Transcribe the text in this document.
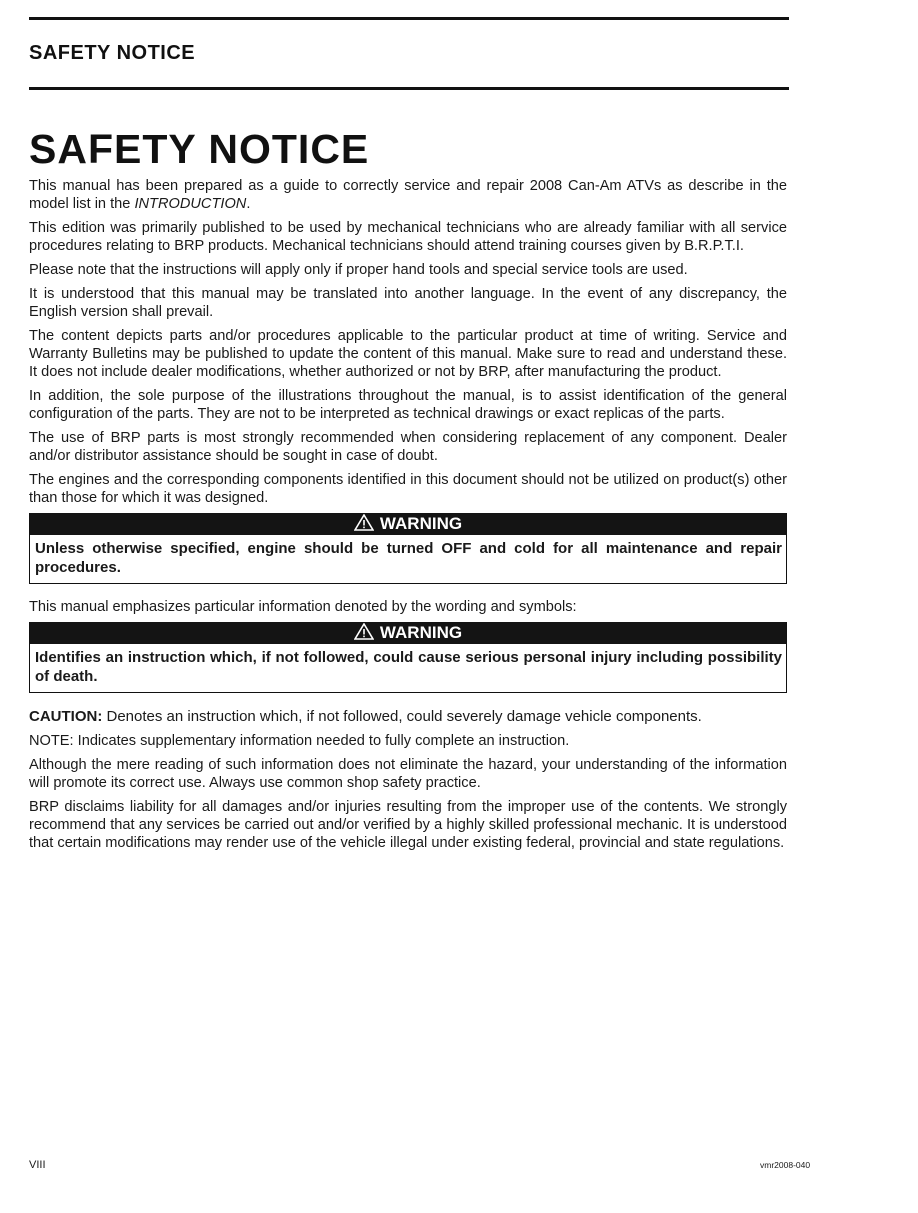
SAFETY NOTICE
SAFETY NOTICE

This manual has been prepared as a guide to correctly service and repair 2008 Can-Am ATVs as describe in the model list in the INTRODUCTION.

This edition was primarily published to be used by mechanical technicians who are already familiar with all service procedures relating to BRP products. Mechanical technicians should attend training courses given by B.R.P.T.I.

Please note that the instructions will apply only if proper hand tools and special service tools are used.

It is understood that this manual may be translated into another language. In the event of any discrepancy, the English version shall prevail.

The content depicts parts and/or procedures applicable to the particular product at time of writing. Service and Warranty Bulletins may be published to update the content of this manual. Make sure to read and understand these. It does not include dealer modifications, whether authorized or not by BRP, after manufacturing the product.

In addition, the sole purpose of the illustrations throughout the manual, is to assist identification of the general configuration of the parts. They are not to be interpreted as technical drawings or exact replicas of the parts.

The use of BRP parts is most strongly recommended when considering replacement of any component. Dealer and/or distributor assistance should be sought in case of doubt.

The engines and the corresponding components identified in this document should not be utilized on product(s) other than those for which it was designed.

WARNING
Unless otherwise specified, engine should be turned OFF and cold for all maintenance and repair procedures.

This manual emphasizes particular information denoted by the wording and symbols:

WARNING
Identifies an instruction which, if not followed, could cause serious personal injury including possibility of death.

CAUTION: Denotes an instruction which, if not followed, could severely damage vehicle components.

NOTE: Indicates supplementary information needed to fully complete an instruction.

Although the mere reading of such information does not eliminate the hazard, your understanding of the information will promote its correct use. Always use common shop safety practice.

BRP disclaims liability for all damages and/or injuries resulting from the improper use of the contents. We strongly recommend that any services be carried out and/or verified by a highly skilled professional mechanic. It is understood that certain modifications may render use of the vehicle illegal under existing federal, provincial and state regulations.

VIII	vmr2008-040
